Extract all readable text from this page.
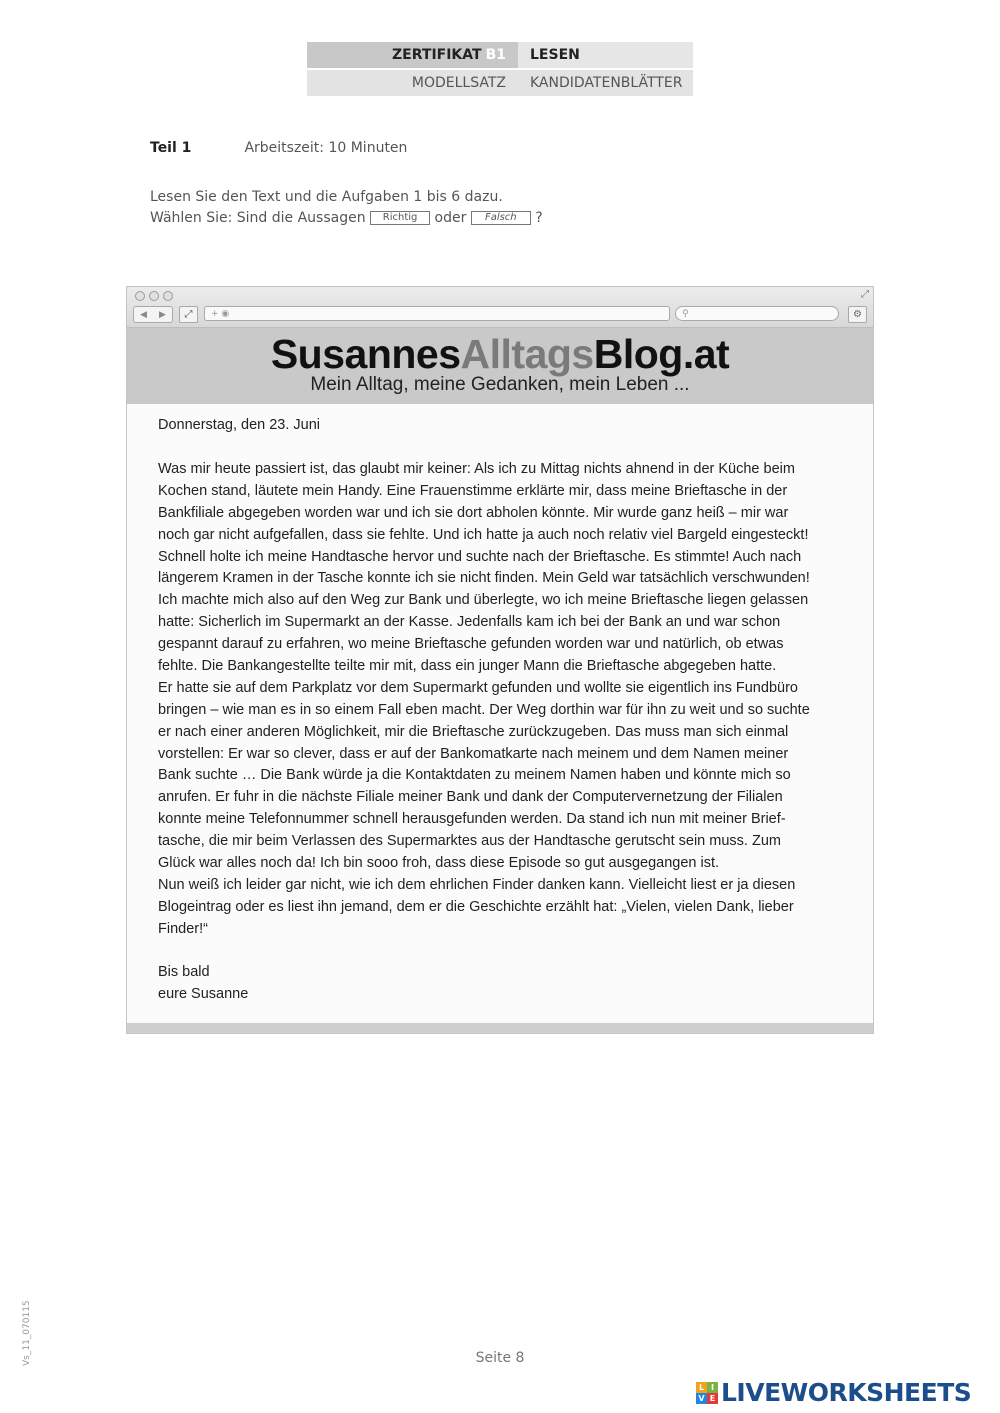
ZERTIFIKAT B1 LESEN
MODELLSATZ KANDIDATENBLÄTTER
Teil 1	Arbeitszeit: 10 Minuten
Lesen Sie den Text und die Aufgaben 1 bis 6 dazu.
Wählen Sie: Sind die Aussagen Richtig oder Falsch ?
⤢
◀ ▶	⤢	+ ◉	⚲	⚙
SusannesAlltagsBlog.at
Mein Alltag, meine Gedanken, mein Leben ...
Donnerstag, den 23. Juni
Was mir heute passiert ist, das glaubt mir keiner: Als ich zu Mittag nichts ahnend in der Küche beim
Kochen stand, läutete mein Handy. Eine Frauenstimme erklärte mir, dass meine Brieftasche in der
Bankfiliale abgegeben worden war und ich sie dort abholen könnte. Mir wurde ganz heiß – mir war
noch gar nicht aufgefallen, dass sie fehlte. Und ich hatte ja auch noch relativ viel Bargeld eingesteckt!
Schnell holte ich meine Handtasche hervor und suchte nach der Brieftasche. Es stimmte! Auch nach
längerem Kramen in der Tasche konnte ich sie nicht finden. Mein Geld war tatsächlich verschwunden!
Ich machte mich also auf den Weg zur Bank und überlegte, wo ich meine Brieftasche liegen gelassen
hatte: Sicherlich im Supermarkt an der Kasse. Jedenfalls kam ich bei der Bank an und war schon
gespannt darauf zu erfahren, wo meine Brieftasche gefunden worden war und natürlich, ob etwas
fehlte. Die Bankangestellte teilte mir mit, dass ein junger Mann die Brieftasche abgegeben hatte.
Er hatte sie auf dem Parkplatz vor dem Supermarkt gefunden und wollte sie eigentlich ins Fundbüro
bringen – wie man es in so einem Fall eben macht. Der Weg dorthin war für ihn zu weit und so suchte
er nach einer anderen Möglichkeit, mir die Brieftasche zurückzugeben. Das muss man sich einmal
vorstellen: Er war so clever, dass er auf der Bankomatkarte nach meinem und dem Namen meiner
Bank suchte … Die Bank würde ja die Kontaktdaten zu meinem Namen haben und könnte mich so
anrufen. Er fuhr in die nächste Filiale meiner Bank und dank der Computervernetzung der Filialen
konnte meine Telefonnummer schnell herausgefunden werden. Da stand ich nun mit meiner Brief-
tasche, die mir beim Verlassen des Supermarktes aus der Handtasche gerutscht sein muss. Zum
Glück war alles noch da! Ich bin sooo froh, dass diese Episode so gut ausgegangen ist.
Nun weiß ich leider gar nicht, wie ich dem ehrlichen Finder danken kann. Vielleicht liest er ja diesen
Blogeintrag oder es liest ihn jemand, dem er die Geschichte erzählt hat: „Vielen, vielen Dank, lieber
Finder!“
Bis bald
eure Susanne
Vs_11_070115	Seite 8
L I
V E LIVEWORKSHEETS
